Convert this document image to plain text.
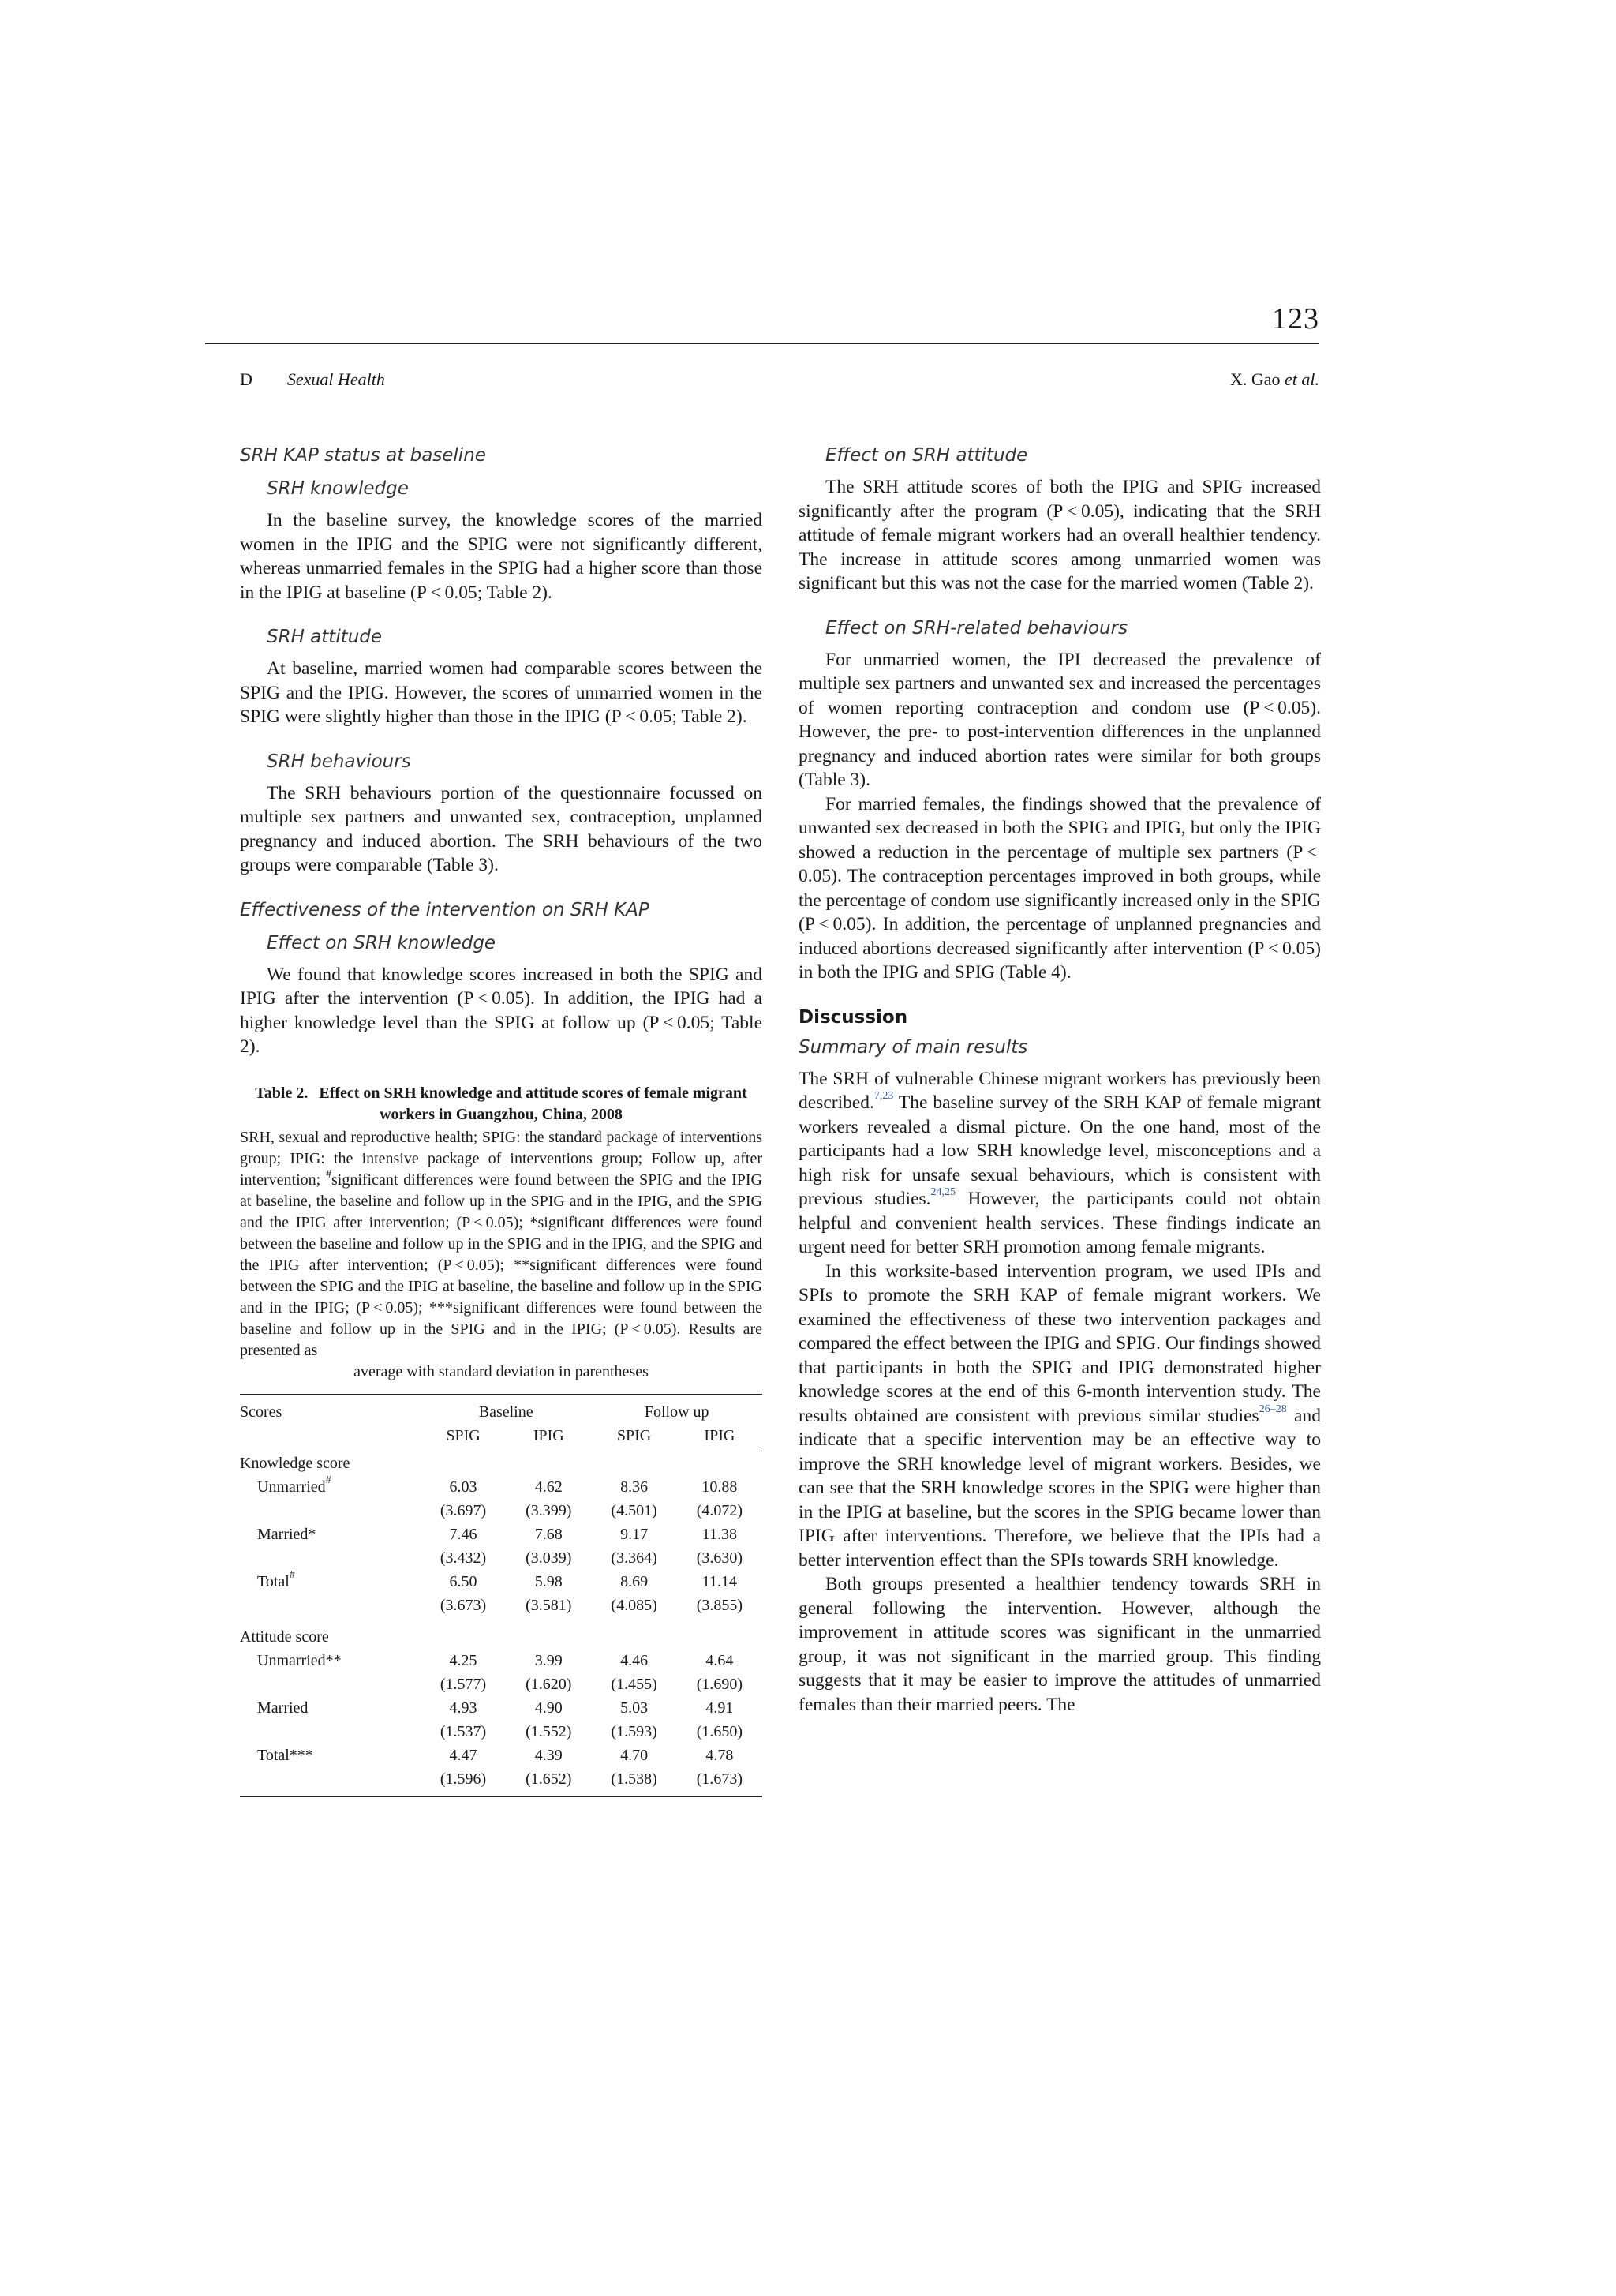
123
D Sexual Health	X. Gao et al.
SRH KAP status at baseline
SRH knowledge

In the baseline survey, the knowledge scores of the married women in the IPIG and the SPIG were not significantly different, whereas unmarried females in the SPIG had a higher score than those in the IPIG at baseline (P < 0.05; Table 2).

SRH attitude

At baseline, married women had comparable scores between the SPIG and the IPIG. However, the scores of unmarried women in the SPIG were slightly higher than those in the IPIG (P < 0.05; Table 2).

SRH behaviours

The SRH behaviours portion of the questionnaire focussed on multiple sex partners and unwanted sex, contraception, unplanned pregnancy and induced abortion. The SRH behaviours of the two groups were comparable (Table 3).

Effectiveness of the intervention on SRH KAP
Effect on SRH knowledge

We found that knowledge scores increased in both the SPIG and IPIG after the intervention (P < 0.05). In addition, the IPIG had a higher knowledge level than the SPIG at follow up (P < 0.05; Table 2).

Table 2. Effect on SRH knowledge and attitude scores of female migrant workers in Guangzhou, China, 2008
SRH, sexual and reproductive health; SPIG: the standard package of interventions group; IPIG: the intensive package of interventions group; Follow up, after intervention; #significant differences were found between the SPIG and the IPIG at baseline, the baseline and follow up in the SPIG and in the IPIG, and the SPIG and the IPIG after intervention; (P < 0.05); *significant differences were found between the baseline and follow up in the SPIG and in the IPIG, and the SPIG and the IPIG after intervention; (P < 0.05); **significant differences were found between the SPIG and the IPIG at baseline, the baseline and follow up in the SPIG and in the IPIG; (P < 0.05); ***significant differences were found between the baseline and follow up in the SPIG and in the IPIG; (P < 0.05). Results are presented as
average with standard deviation in parentheses
Scores	Baseline		Follow up	
	SPIG	IPIG	SPIG	IPIG
Knowledge score				
Unmarried#	6.03	4.62	8.36	10.88
	(3.697)	(3.399)	(4.501)	(4.072)
Married*	7.46	7.68	9.17	11.38
	(3.432)	(3.039)	(3.364)	(3.630)
Total#	6.50	5.98	8.69	11.14
	(3.673)	(3.581)	(4.085)	(3.855)
Attitude score				
Unmarried**	4.25	3.99	4.46	4.64
	(1.577)	(1.620)	(1.455)	(1.690)
Married	4.93	4.90	5.03	4.91
	(1.537)	(1.552)	(1.593)	(1.650)
Total***	4.47	4.39	4.70	4.78
	(1.596)	(1.652)	(1.538)	(1.673)
Effect on SRH attitude

The SRH attitude scores of both the IPIG and SPIG increased significantly after the program (P < 0.05), indicating that the SRH attitude of female migrant workers had an overall healthier tendency. The increase in attitude scores among unmarried women was significant but this was not the case for the married women (Table 2).

Effect on SRH-related behaviours

For unmarried women, the IPI decreased the prevalence of multiple sex partners and unwanted sex and increased the percentages of women reporting contraception and condom use (P < 0.05). However, the pre- to post-intervention differences in the unplanned pregnancy and induced abortion rates were similar for both groups (Table 3).

For married females, the findings showed that the prevalence of unwanted sex decreased in both the SPIG and IPIG, but only the IPIG showed a reduction in the percentage of multiple sex partners (P < 0.05). The contraception percentages improved in both groups, while the percentage of condom use significantly increased only in the SPIG (P < 0.05). In addition, the percentage of unplanned pregnancies and induced abortions decreased significantly after intervention (P < 0.05) in both the IPIG and SPIG (Table 4).

Discussion
Summary of main results

The SRH of vulnerable Chinese migrant workers has previously been described.$^{7,23}$ The baseline survey of the SRH KAP of female migrant workers revealed a dismal picture. On the one hand, most of the participants had a low SRH knowledge level, misconceptions and a high risk for unsafe sexual behaviours, which is consistent with previous studies.$^{24,25}$ However, the participants could not obtain helpful and convenient health services. These findings indicate an urgent need for better SRH promotion among female migrants.

In this worksite-based intervention program, we used IPIs and SPIs to promote the SRH KAP of female migrant workers. We examined the effectiveness of these two intervention packages and compared the effect between the IPIG and SPIG. Our findings showed that participants in both the SPIG and IPIG demonstrated higher knowledge scores at the end of this 6-month intervention study. The results obtained are consistent with previous similar studies$^{26-28}$ and indicate that a specific intervention may be an effective way to improve the SRH knowledge level of migrant workers. Besides, we can see that the SRH knowledge scores in the SPIG were higher than in the IPIG at baseline, but the scores in the SPIG became lower than IPIG after interventions. Therefore, we believe that the IPIs had a better intervention effect than the SPIs towards SRH knowledge.

Both groups presented a healthier tendency towards SRH in general following the intervention. However, although the improvement in attitude scores was significant in the unmarried group, it was not significant in the married group. This finding suggests that it may be easier to improve the attitudes of unmarried females than their married peers. The
